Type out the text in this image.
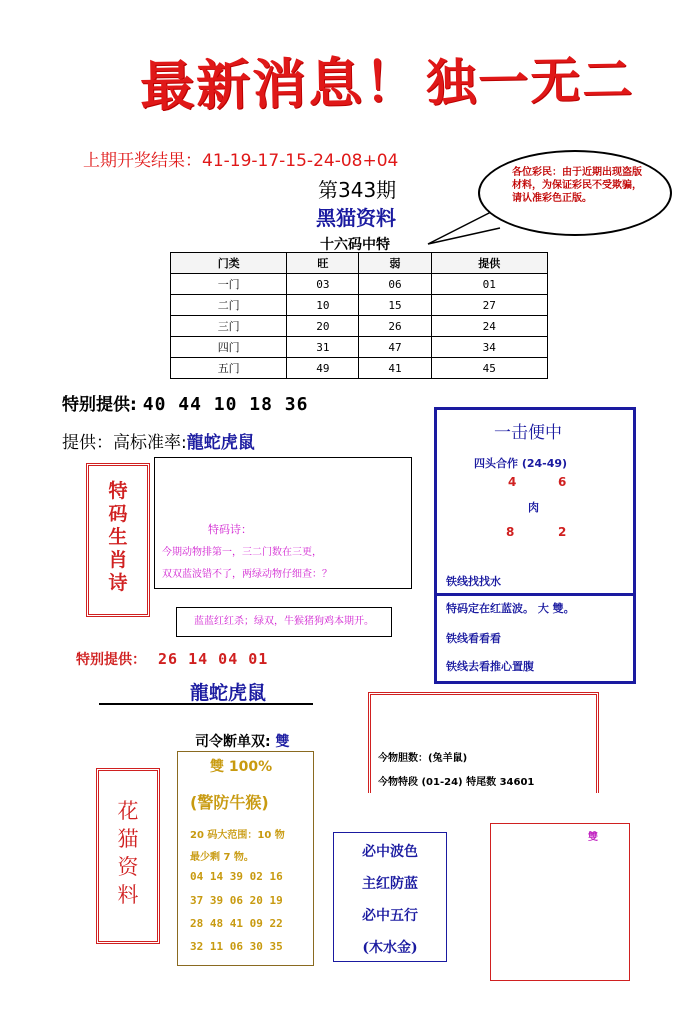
最新消息！独一无二
上期开奖结果：41-19-17-15-24-08+04
第343期
黑猫资料
各位彩民：由于近期出现盗版材料，为保证彩民不受欺骗，请认准彩色正版。
十六码中特
门类	旺	弱	提供
一门	03	06	01
二门	10	15	27
三门	20	26	24
四门	31	47	34
五门	49	41	45
特别提供: 40 44 10 18 36
提供：高标准率:龍蛇虎鼠
特
码
生
肖
诗
特码诗：
今期动物排第一，三二门数在三更，
双双蓝波错不了，两绿动物仔细查：？
蓝蓝红红杀；绿双，牛猴猪狗鸡本期开。
一击便中
四头合作 (24-49)
4	6
肉
8	2
铁线找找水
特码定在红蓝波。 大 雙。
铁线看看看
铁线去看推心置腹
特别提供： 26 14 04 01
龍蛇虎鼠
司令断单双: 雙
今物胆数：(兔羊鼠)
今物特段 (01-24) 特尾数 34601
花
猫
资
料
雙 100%
(警防牛猴)
20 码大范围：10 物
最少剩 7 物。
04 14 39 02 16
37 39 06 20 19
28 48 41 09 22
32 11 06 30 35
必中波色
主红防蓝
必中五行
(木水金)
雙
